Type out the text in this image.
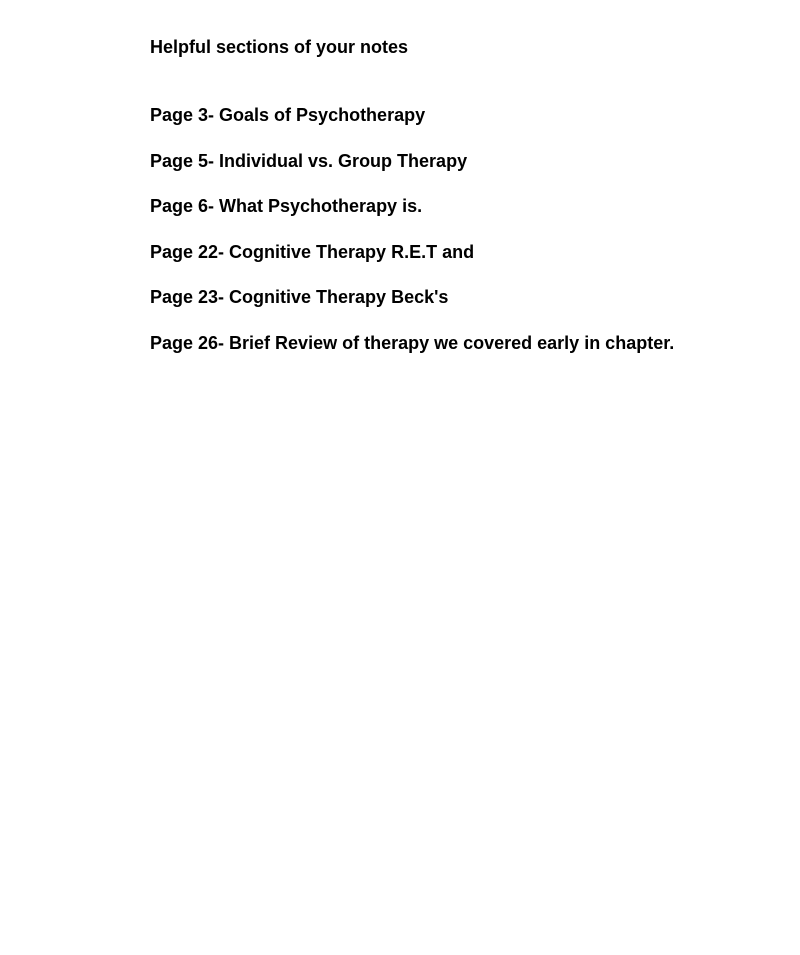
Helpful sections of your notes
Page 3- Goals of Psychotherapy
Page 5- Individual vs. Group Therapy
Page 6- What Psychotherapy is.
Page 22- Cognitive Therapy R.E.T and
Page 23- Cognitive Therapy Beck's
Page 26- Brief Review of therapy we covered early in chapter.
